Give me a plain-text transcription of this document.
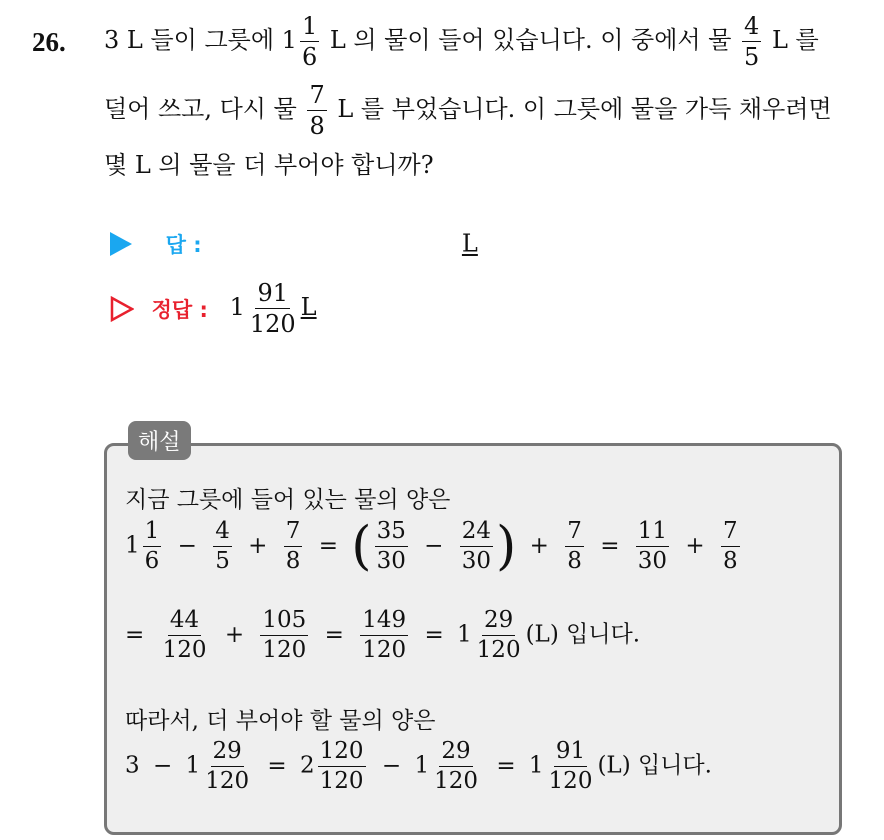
26. 3 L 들이 그릇에 $1 \frac{1}{6}$ L 의 물이 들어 있습니다. 이 중에서 물 $\frac{4}{5}$ L 를
덜어 쓰고, 다시 물 $\frac{7}{8}$ L 를 부었습니다. 이 그릇에 물을 가득 채우려면
몇 L 의 물을 더 부어야 합니까?
답 :	L
정답 : $1 \frac{91}{120}$ L
해설
지금 그릇에 들어 있는 물의 양은
$1 \frac{1}{6} - \frac{4}{5} + \frac{7}{8}$ = ( $\frac{35}{30} - \frac{24}{30}$ ) + $\frac{7}{8} = \frac{11}{30} + \frac{7}{8}$
= $\frac{44}{120} + \frac{105}{120} = \frac{149}{120} = 1 \frac{29}{120} (L)$ 입니다.
따라서, 더 부어야 할 물의 양은
$3 - 1 \frac{29}{120} = 2 \frac{120}{120} - 1 \frac{29}{120} = 1 \frac{91}{120} (L)$ 입니다.
